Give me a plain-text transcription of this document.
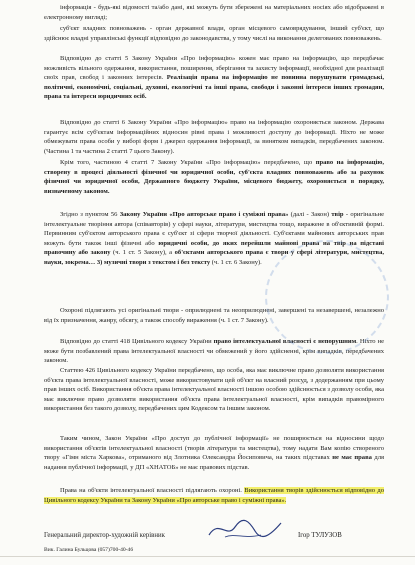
інформація - будь-які відомості та/або дані, які можуть бути збережені на матеріальних носіях або відображені в електронному вигляді;

суб'єкт владних повноважень - орган державної влади, орган місцевого самоврядування, інший суб'єкт, що здійснює владні управлінські функції відповідно до законодавства, у тому числі на виконання делегованих повноважень.

Відповідно до статті 5 Закону України «Про інформацію» кожен має право на інформацію, що передбачає можливість вільного одержання, використання, поширення, зберігання та захисту інформації, необхідної для реалізації своїх прав, свобод і законних інтересів. Реалізація права на інформацію не повинна порушувати громадські, політичні, економічні, соціальні, духовні, екологічні та інші права, свободи і законні інтереси інших громадян, права та інтереси юридичних осіб.

Відповідно до статті 6 Закону України «Про інформацію» право на інформацію охороняється законом. Держава гарантує всім суб'єктам інформаційних відносин рівні права і можливості доступу до інформації. Ніхто не може обмежувати права особи у виборі форм і джерел одержання інформації, за винятком випадків, передбачених законом. (Частина 1 та частина 2 статті 7 цього Закону).

Крім того, частиною 4 статті 7 Закону України «Про інформацію» передбачено, що право на інформацію, створену в процесі діяльності фізичної чи юридичної особи, суб'єкта владних повноважень або за рахунок фізичної чи юридичної особи, Державного бюджету України, місцевого бюджету, охороняється в порядку, визначеному законом.

Згідно з пунктом 56 Закону України «Про авторське право і суміжні права» (далі - Закон) твір - оригінальне інтелектуальне творіння автора (співавторів) у сфері науки, літератури, мистецтва тощо, виражене в об'єктивній формі. Первинним суб'єктом авторського права є суб'єкт зі сфери творчої діяльності. Суб'єктами майнових авторських прав можуть бути також інші фізичні або юридичні особи, до яких перейшли майнові права на твір на підставі правочину або закону (ч. 1 ст. 5 Закону), а об'єктами авторського права є твори у сфері літератури, мистецтва, науки, зокрема… 3) музичні твори з текстом і без тексту (ч. 1 ст. 6 Закону).

Охороні підлягають усі оригінальні твори - оприлюднені та неоприлюднені, завершені та незавершені, незалежно від їх призначення, жанру, обсягу, а також способу вираження (ч. 1 ст. 7 Закону).

Відповідно до статті 418 Цивільного кодексу України право інтелектуальної власності є непорушним. Ніхто не може бути позбавлений права інтелектуальної власності чи обмежений у його здійсненні, крім випадків, передбачених законом.

Статтею 426 Цивільного кодексу України передбачено, що особа, яка має виключне право дозволяти використання об'єкта права інтелектуальної власності, може використовувати цей об'єкт на власний розсуд, з додержанням при цьому прав інших осіб. Використання об'єкта права інтелектуальної власності іншою особою здійснюється з дозволу особи, яка має виключне право дозволяти використання об'єкта права інтелектуальної власності, крім випадків правомірного використання без такого дозволу, передбачених цим Кодексом та іншим законом.

Таким чином, Закон України «Про доступ до публічної інформації» не поширюється на відносини щодо використання об'єктів інтелектуальної власності (творів літератури та мистецтва), тому надати Вам копію створеного твору «Гімн міста Харкова», отриманого від Злотника Олександра Йосиповича, на таких підставах не має права для надання публічної інформації, у ДП «ХНАТОБ» не має правових підстав.

Права на об'єкти інтелектуальної власності підлягають охороні. Використання творів здійснюється відповідно до Цивільного кодексу України та Закону України «Про авторське право і суміжні права».

Генеральний директор-художній керівник	Ігор ТУЛУЗОВ

Вик. Галина Бульцова (057)700-40-46
